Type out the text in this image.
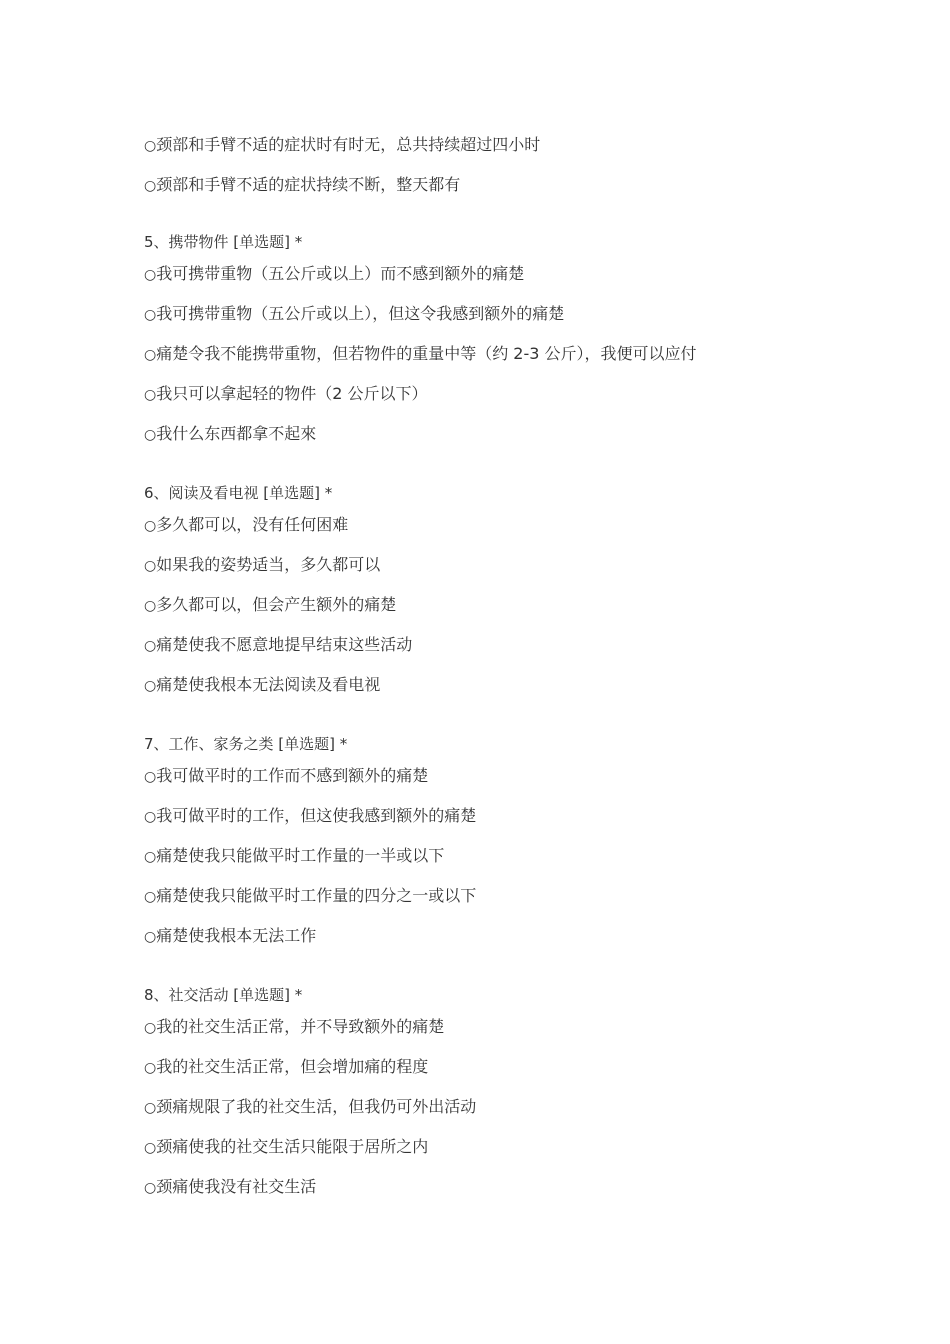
○颈部和手臂不适的症状时有时无，总共持续超过四小时
○颈部和手臂不适的症状持续不断，整天都有
5、携带物件 [单选题] *
○我可携带重物（五公斤或以上）而不感到额外的痛楚
○我可携带重物（五公斤或以上），但这令我感到额外的痛楚
○痛楚令我不能携带重物，但若物件的重量中等（约 2-3 公斤），我便可以应付
○我只可以拿起轻的物件（2 公斤以下）
○我什么东西都拿不起來
6、阅读及看电视 [单选题] *
○多久都可以，没有任何困难
○如果我的姿势适当，多久都可以
○多久都可以，但会产生额外的痛楚
○痛楚使我不愿意地提早结束这些活动
○痛楚使我根本无法阅读及看电视
7、工作、家务之类 [单选题] *
○我可做平时的工作而不感到额外的痛楚
○我可做平时的工作，但这使我感到额外的痛楚
○痛楚使我只能做平时工作量的一半或以下
○痛楚使我只能做平时工作量的四分之一或以下
○痛楚使我根本无法工作
8、社交活动 [单选题] *
○我的社交生活正常，并不导致额外的痛楚
○我的社交生活正常，但会增加痛的程度
○颈痛规限了我的社交生活，但我仍可外出活动
○颈痛使我的社交生活只能限于居所之内
○颈痛使我没有社交生活
